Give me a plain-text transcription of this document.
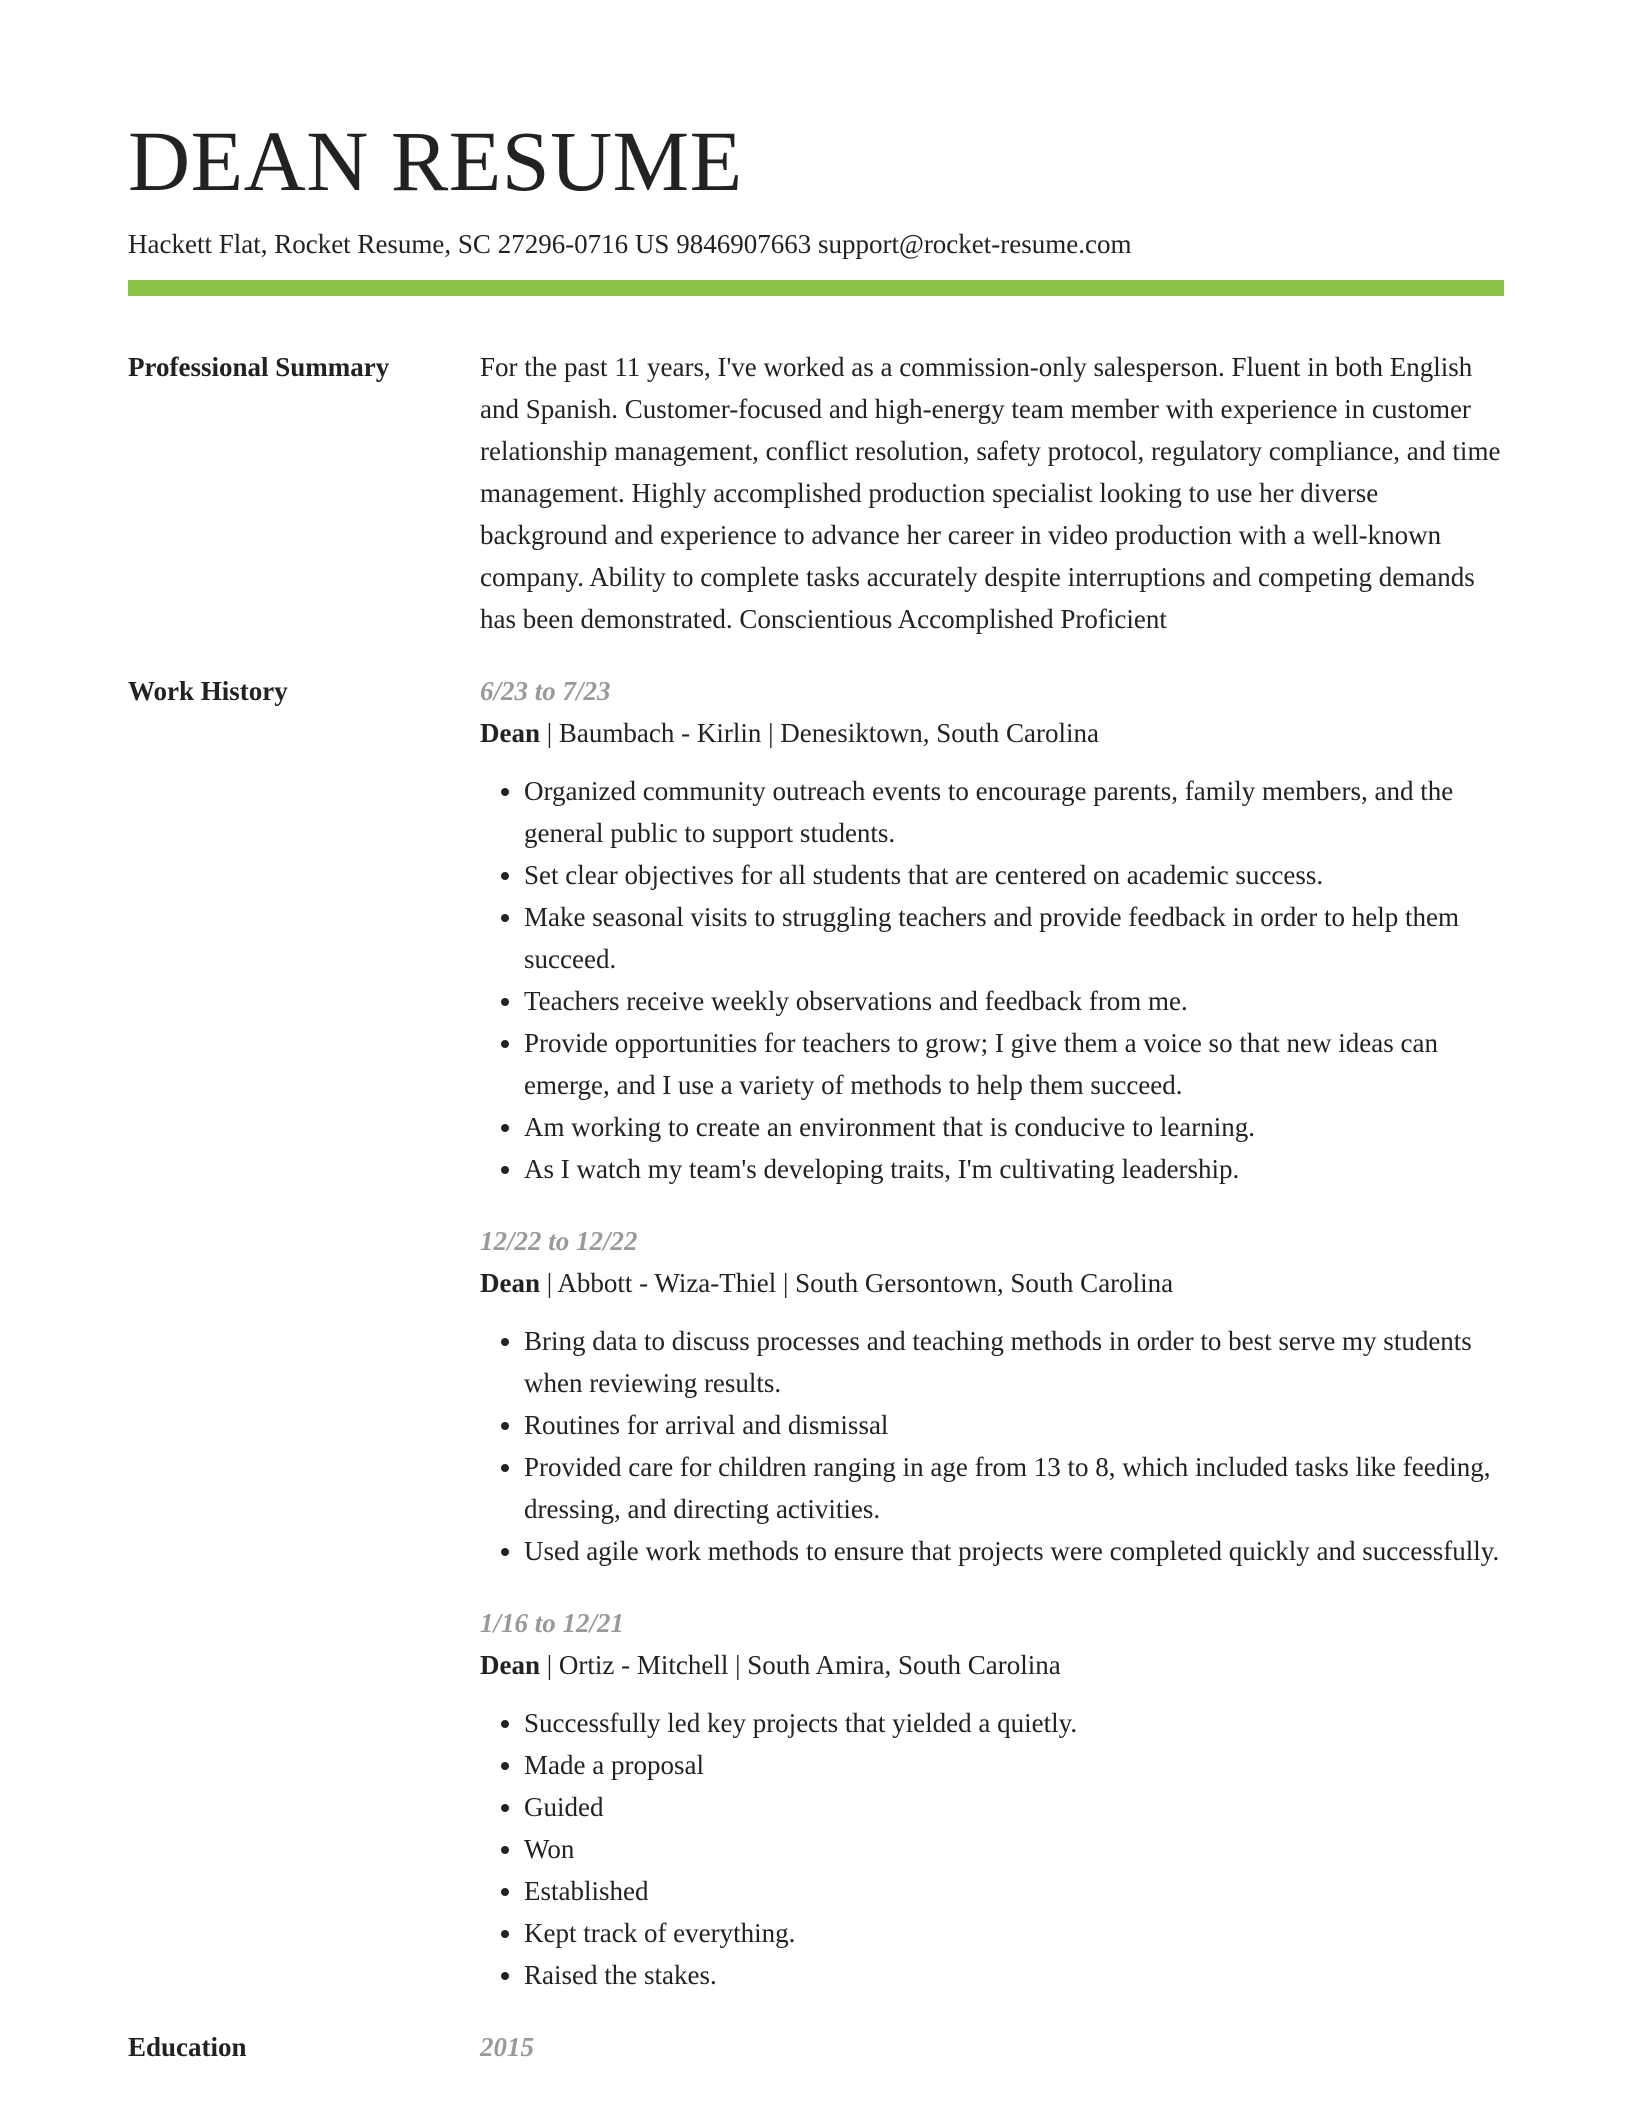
DEAN RESUME
Hackett Flat, Rocket Resume, SC 27296-0716 US 9846907663 support@rocket-resume.com
Professional Summary	For the past 11 years, I've worked as a commission-only salesperson. Fluent in both English and Spanish. Customer-focused and high-energy team member with experience in customer relationship management, conflict resolution, safety protocol, regulatory compliance, and time management. Highly accomplished production specialist looking to use her diverse background and experience to advance her career in video production with a well-known company. Ability to complete tasks accurately despite interruptions and competing demands has been demonstrated. Conscientious Accomplished Proficient
Work History	6/23 to 7/23
Dean | Baumbach - Kirlin | Denesiktown, South Carolina
• Organized community outreach events to encourage parents, family members, and the general public to support students.
• Set clear objectives for all students that are centered on academic success.
• Make seasonal visits to struggling teachers and provide feedback in order to help them succeed.
• Teachers receive weekly observations and feedback from me.
• Provide opportunities for teachers to grow; I give them a voice so that new ideas can emerge, and I use a variety of methods to help them succeed.
• Am working to create an environment that is conducive to learning.
• As I watch my team's developing traits, I'm cultivating leadership.
12/22 to 12/22
Dean | Abbott - Wiza-Thiel | South Gersontown, South Carolina
• Bring data to discuss processes and teaching methods in order to best serve my students when reviewing results.
• Routines for arrival and dismissal
• Provided care for children ranging in age from 13 to 8, which included tasks like feeding, dressing, and directing activities.
• Used agile work methods to ensure that projects were completed quickly and successfully.
1/16 to 12/21
Dean | Ortiz - Mitchell | South Amira, South Carolina
• Successfully led key projects that yielded a quietly.
• Made a proposal
• Guided
• Won
• Established
• Kept track of everything.
• Raised the stakes.
Education	2015
